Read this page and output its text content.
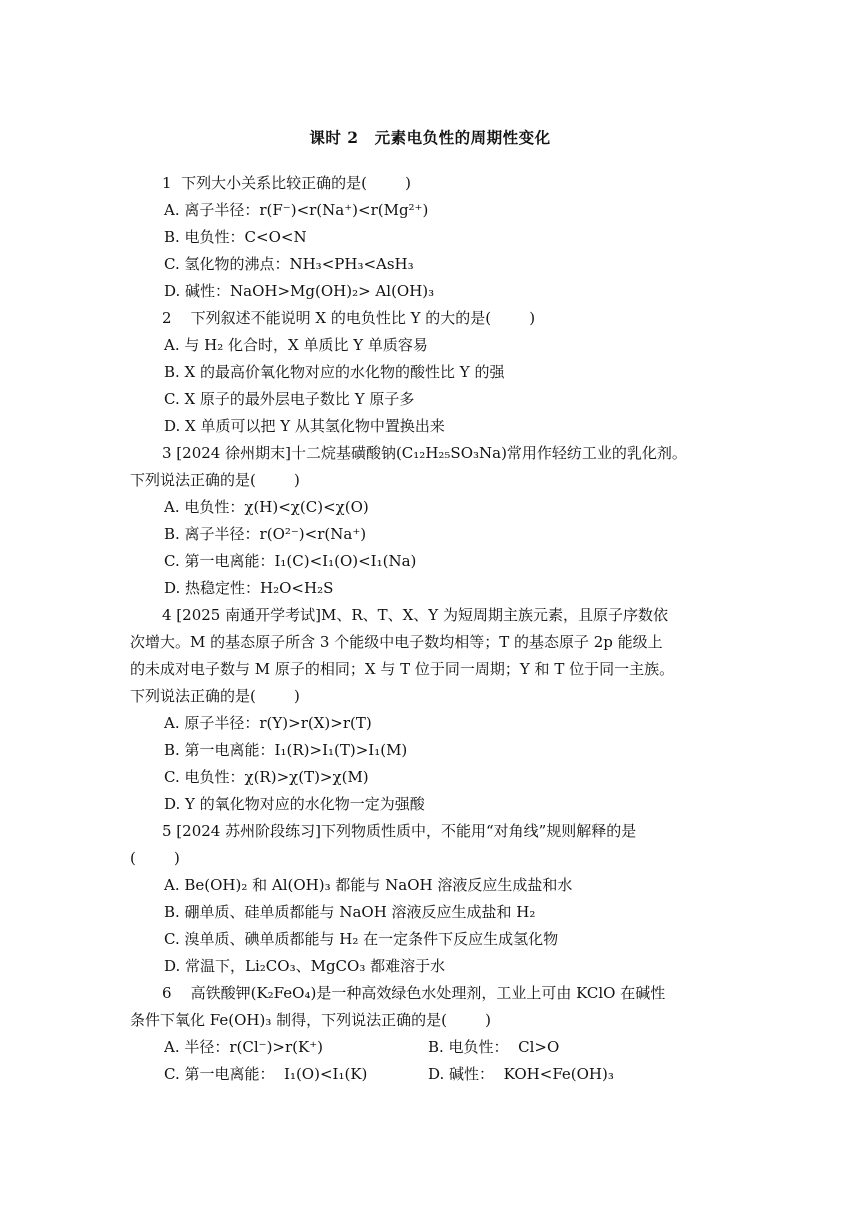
课时 2　元素电负性的周期性变化
1  下列大小关系比较正确的是(        )
A. 离子半径：r(F⁻)<r(Na⁺)<r(Mg²⁺)
B. 电负性：C<O<N
C. 氢化物的沸点：NH₃<PH₃<AsH₃
D. 碱性：NaOH>Mg(OH)₂> Al(OH)₃
2    下列叙述不能说明 X 的电负性比 Y 的大的是(        )
A. 与 H₂ 化合时，X 单质比 Y 单质容易
B. X 的最高价氧化物对应的水化物的酸性比 Y 的强
C. X 原子的最外层电子数比 Y 原子多
D. X 单质可以把 Y 从其氢化物中置换出来
3 [2024 徐州期末]十二烷基磺酸钠(C₁₂H₂₅SO₃Na)常用作轻纺工业的乳化剂。
下列说法正确的是(        )
A. 电负性：χ(H)<χ(C)<χ(O)
B. 离子半径：r(O²⁻)<r(Na⁺)
C. 第一电离能：I₁(C)<I₁(O)<I₁(Na)
D. 热稳定性：H₂O<H₂S
4 [2025 南通开学考试]M、R、T、X、Y 为短周期主族元素，且原子序数依
次增大。M 的基态原子所含 3 个能级中电子数均相等；T 的基态原子 2p 能级上
的未成对电子数与 M 原子的相同；X 与 T 位于同一周期；Y 和 T 位于同一主族。
下列说法正确的是(        )
A. 原子半径：r(Y)>r(X)>r(T)
B. 第一电离能：I₁(R)>I₁(T)>I₁(M)
C. 电负性：χ(R)>χ(T)>χ(M)
D. Y 的氧化物对应的水化物一定为强酸
5 [2024 苏州阶段练习]下列物质性质中，不能用“对角线”规则解释的是
(        )
A. Be(OH)₂ 和 Al(OH)₃ 都能与 NaOH 溶液反应生成盐和水
B. 硼单质、硅单质都能与 NaOH 溶液反应生成盐和 H₂
C. 溴单质、碘单质都能与 H₂ 在一定条件下反应生成氢化物
D. 常温下，Li₂CO₃、MgCO₃ 都难溶于水
6    高铁酸钾(K₂FeO₄)是一种高效绿色水处理剂，工业上可由 KClO 在碱性
条件下氧化 Fe(OH)₃ 制得，下列说法正确的是(        )
A. 半径：r(Cl⁻)>r(K⁺)	B. 电负性：  Cl>O
C. 第一电离能：  I₁(O)<I₁(K)	D. 碱性：  KOH<Fe(OH)₃
